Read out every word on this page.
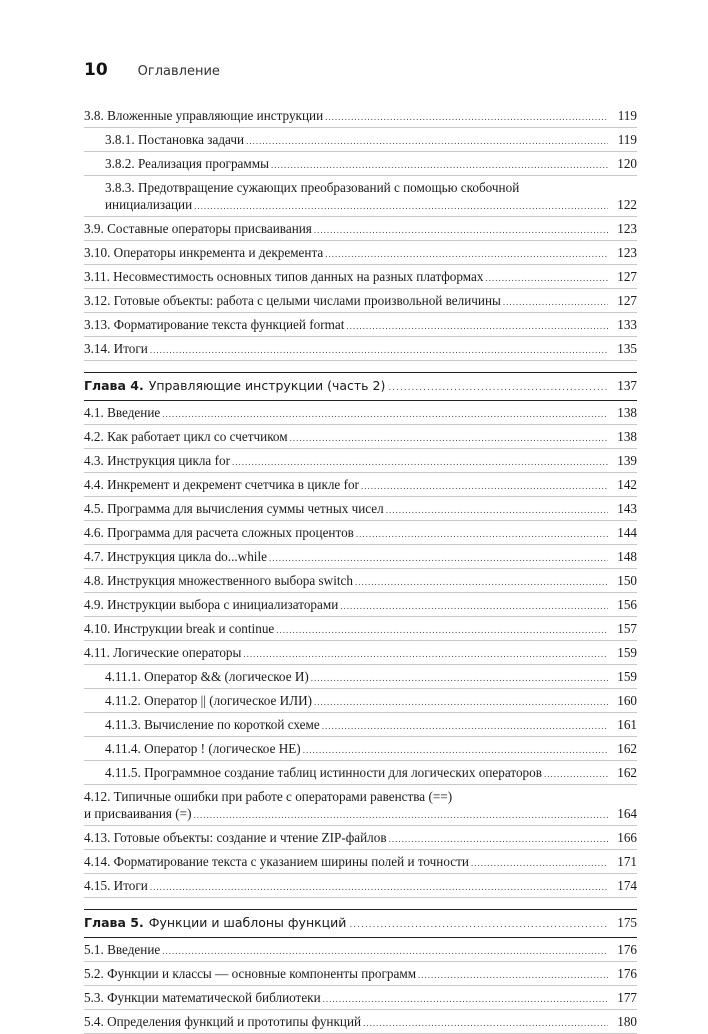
10 Оглавление
3.8. Вложенные управляющие инструкции .....	119
3.8.1. Постановка задачи .....	119
3.8.2. Реализация программы .....	120
3.8.3. Предотвращение сужающих преобразований с помощью скобочной
инициализации .....	122
3.9. Составные операторы присваивания .....	123
3.10. Операторы инкремента и декремента .....	123
3.11. Несовместимость основных типов данных на разных платформах .....	127
3.12. Готовые объекты: работа с целыми числами произвольной величины .....	127
3.13. Форматирование текста функцией format .....	133
3.14. Итоги .....	135
Глава 4. Управляющие инструкции (часть 2) .....	137
4.1. Введение .....	138
4.2. Как работает цикл со счетчиком .....	138
4.3. Инструкция цикла for .....	139
4.4. Инкремент и декремент счетчика в цикле for .....	142
4.5. Программа для вычисления суммы четных чисел .....	143
4.6. Программа для расчета сложных процентов .....	144
4.7. Инструкция цикла do...while .....	148
4.8. Инструкция множественного выбора switch .....	150
4.9. Инструкции выбора с инициализаторами .....	156
4.10. Инструкции break и continue .....	157
4.11. Логические операторы .....	159
4.11.1. Оператор && (логическое И) .....	159
4.11.2. Оператор || (логическое ИЛИ) .....	160
4.11.3. Вычисление по короткой схеме .....	161
4.11.4. Оператор ! (логическое НЕ) .....	162
4.11.5. Программное создание таблиц истинности для логических операторов .....	162
4.12. Типичные ошибки при работе с операторами равенства (==)
и присваивания (=) .....	164
4.13. Готовые объекты: создание и чтение ZIP-файлов .....	166
4.14. Форматирование текста с указанием ширины полей и точности .....	171
4.15. Итоги .....	174
Глава 5. Функции и шаблоны функций .....	175
5.1. Введение .....	176
5.2. Функции и классы — основные компоненты программ .....	176
5.3. Функции математической библиотеки .....	177
5.4. Определения функций и прототипы функций .....	180
